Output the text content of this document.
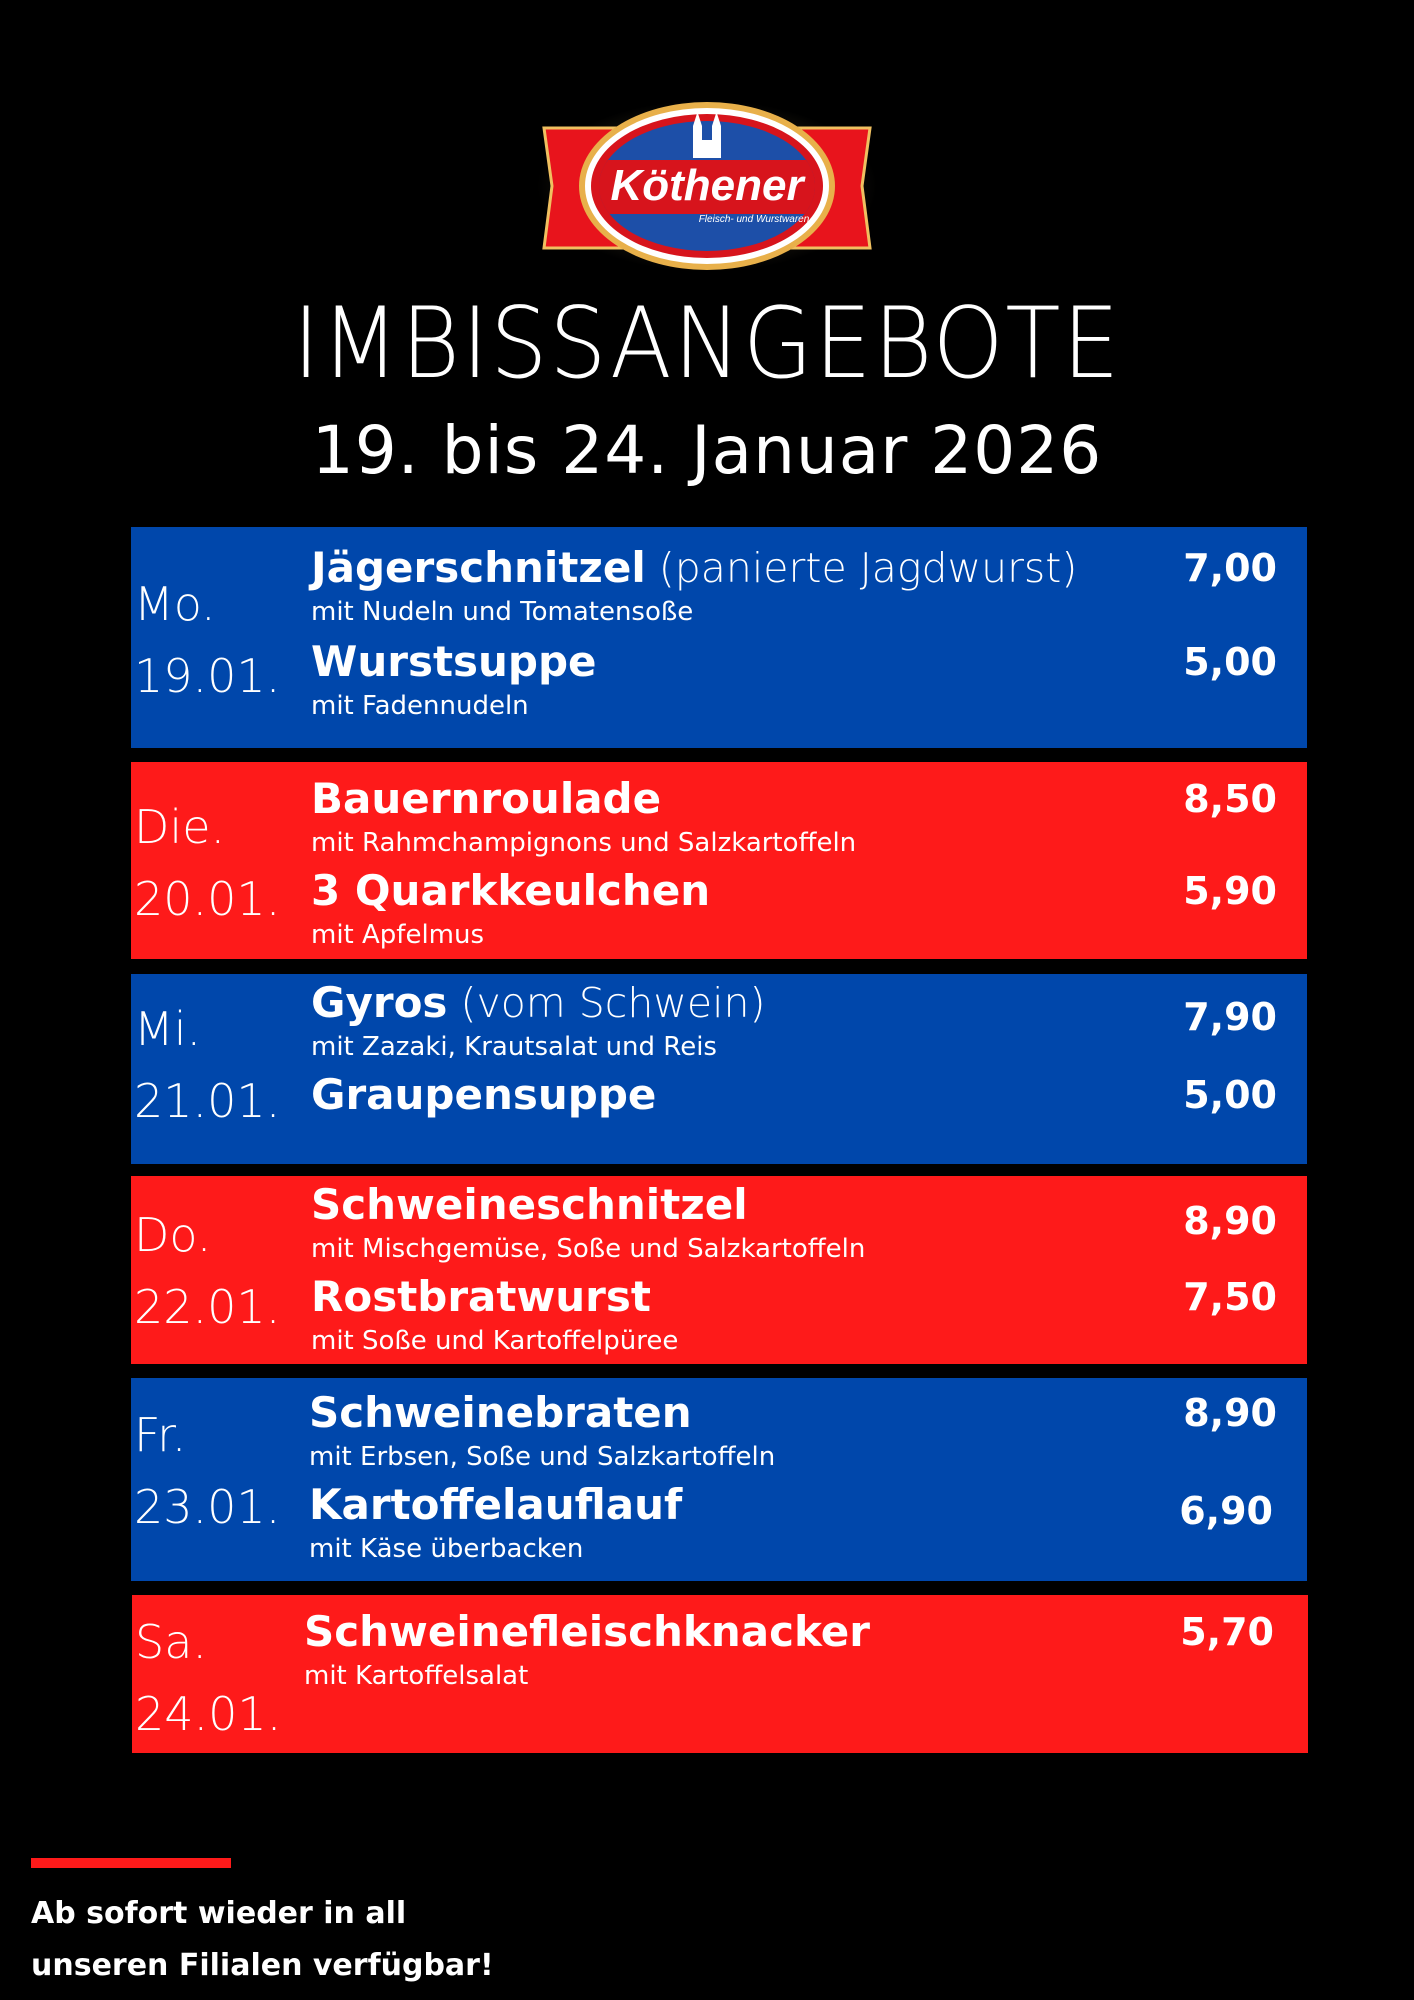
Köthener
Fleisch- und Wurstwaren
IMBISSANGEBOTE
19. bis 24. Januar 2026
Mo.
19.01.
Jägerschnitzel (panierte Jagdwurst)
mit Nudeln und Tomatensoße
7,00
Wurstsuppe
mit Fadennudeln
5,00
Die.
20.01.
Bauernroulade
mit Rahmchampignons und Salzkartoffeln
8,50
3 Quarkkeulchen
mit Apfelmus
5,90
Mi.
21.01.
Gyros (vom Schwein)
mit Zazaki, Krautsalat und Reis
7,90
Graupensuppe	5,00
Do.
22.01.
Schweineschnitzel
mit Mischgemüse, Soße und Salzkartoffeln
8,90
Rostbratwurst
mit Soße und Kartoffelpüree
7,50
Fr.
23.01.
Schweinebraten
mit Erbsen, Soße und Salzkartoffeln
8,90
Kartoffelauflauf
mit Käse überbacken
6,90
Sa.
24.01.
Schweinefleischknacker
mit Kartoffelsalat
5,70
Ab sofort wieder in all
unseren Filialen verfügbar!
